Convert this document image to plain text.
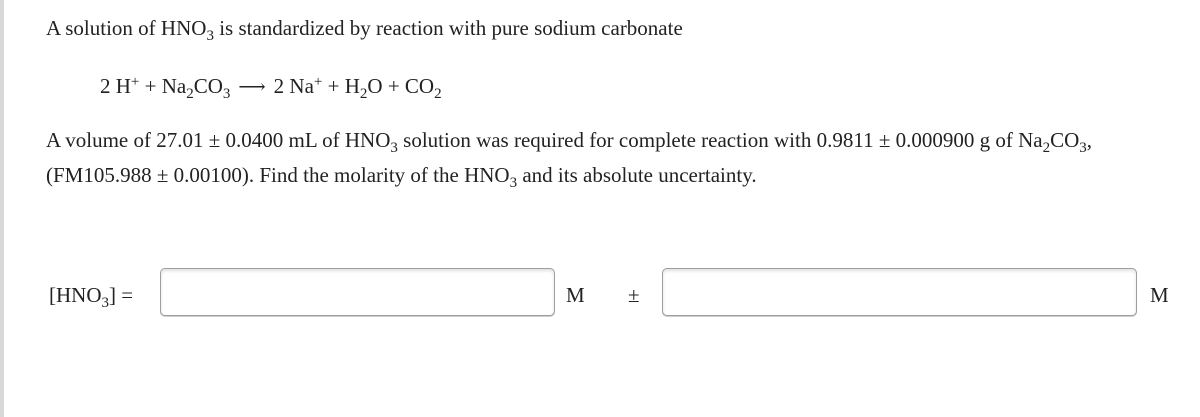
A solution of $HNO_3$ is standardized by reaction with pure sodium carbonate
2 $H^+ + Na_2CO_3$ ⟶ 2 $Na^+ + H_2O + CO_2$
A volume of 27.01 ± 0.0400 mL of $HNO_3$ solution was required for complete reaction with 0.9811 ± 0.000900 g of $Na_2CO_3$,
(FM105.988 ± 0.00100). Find the molarity of the $HNO_3$ and its absolute uncertainty.
$[HNO_3]$ =	M ±	M
